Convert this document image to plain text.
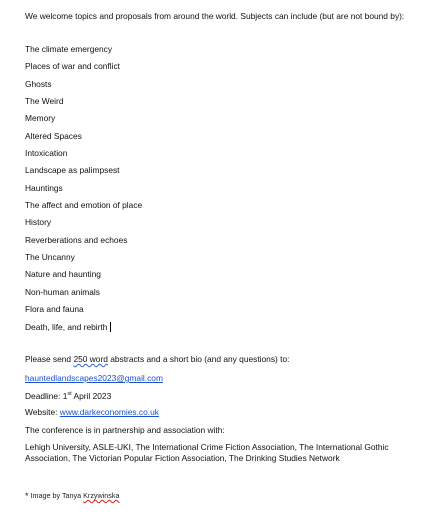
We welcome topics and proposals from around the world. Subjects can include (but are not bound by):
The climate emergency
Places of war and conflict
Ghosts
The Weird
Memory
Altered Spaces
Intoxication
Landscape as palimpsest
Hauntings
The affect and emotion of place
History
Reverberations and echoes
The Uncanny
Nature and haunting
Non-human animals
Flora and fauna
Death, life, and rebirth
Please send 250 word abstracts and a short bio (and any questions) to:
hauntedlandscapes2023@gmail.com
Deadline: 1st April 2023
Website: www.darkeconomies.co.uk
The conference is in partnership and association with:
Lehigh University, ASLE-UKI, The International Crime Fiction Association, The International Gothic Association, The Victorian Popular Fiction Association, The Drinking Studies Network
* Image by Tanya Krzywinska
